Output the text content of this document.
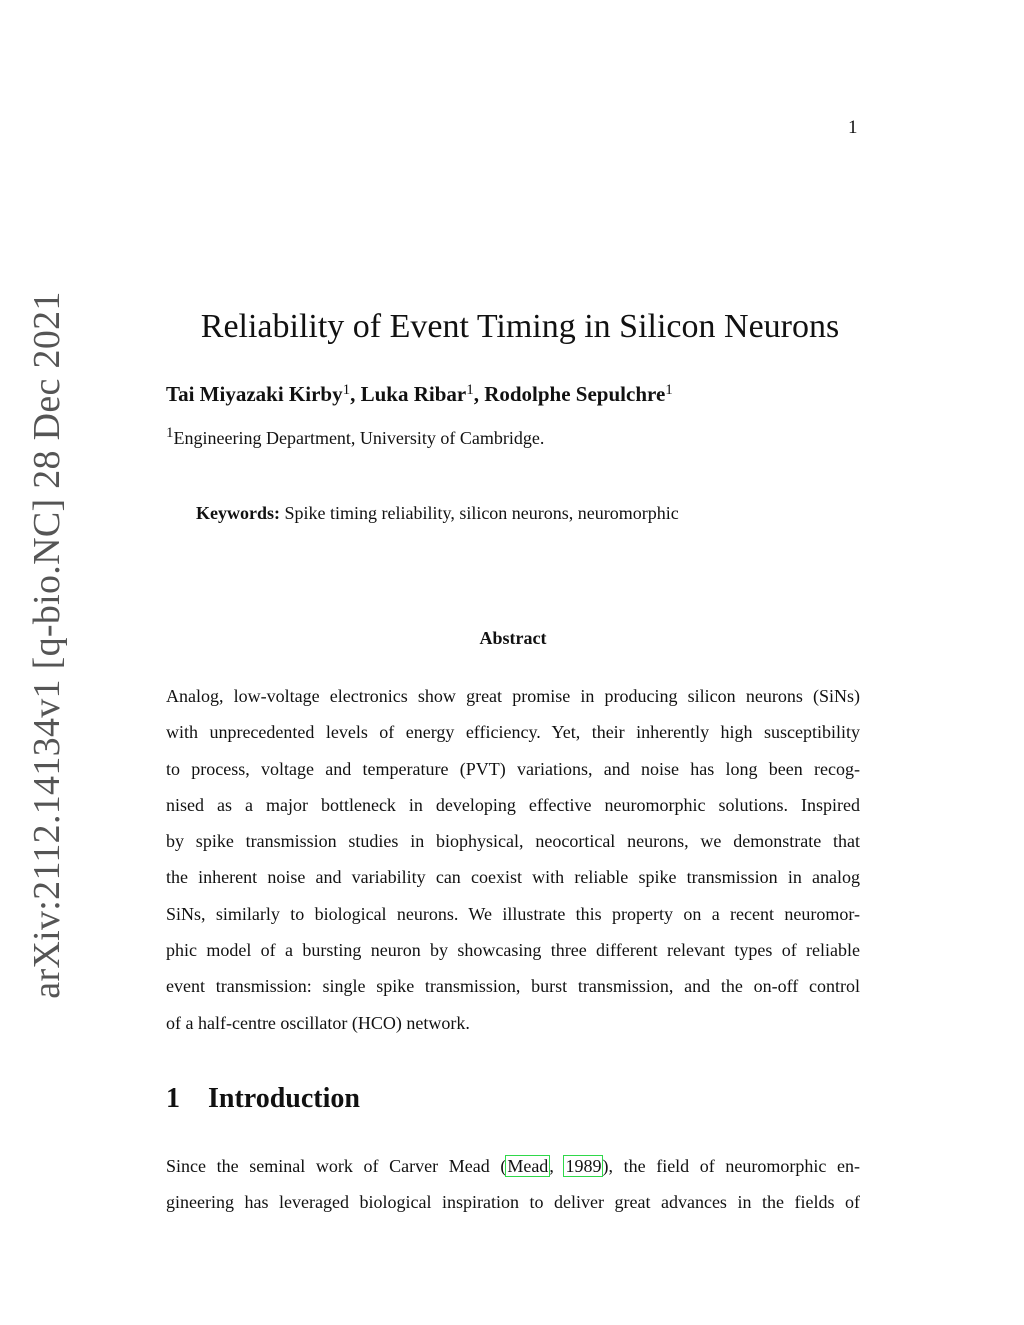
1
arXiv:2112.14134v1 [q-bio.NC] 28 Dec 2021	Reliability of Event Timing in Silicon Neurons
Tai Miyazaki Kirby$^1$, Luka Ribar$^1$, Rodolphe Sepulchre$^1$
$^1$Engineering Department, University of Cambridge.
Keywords: Spike timing reliability, silicon neurons, neuromorphic
Abstract

Analog, low-voltage electronics show great promise in producing silicon neurons (SiNs)
with unprecedented levels of energy efficiency. Yet, their inherently high susceptibility
to process, voltage and temperature (PVT) variations, and noise has long been recog-
nised as a major bottleneck in developing effective neuromorphic solutions. Inspired
by spike transmission studies in biophysical, neocortical neurons, we demonstrate that
the inherent noise and variability can coexist with reliable spike transmission in analog
SiNs, similarly to biological neurons. We illustrate this property on a recent neuromor-
phic model of a bursting neuron by showcasing three different relevant types of reliable
event transmission: single spike transmission, burst transmission, and the on-off control
of a half-centre oscillator (HCO) network.

1 Introduction

Since the seminal work of Carver Mead (Mead, 1989), the field of neuromorphic en-
gineering has leveraged biological inspiration to deliver great advances in the fields of
